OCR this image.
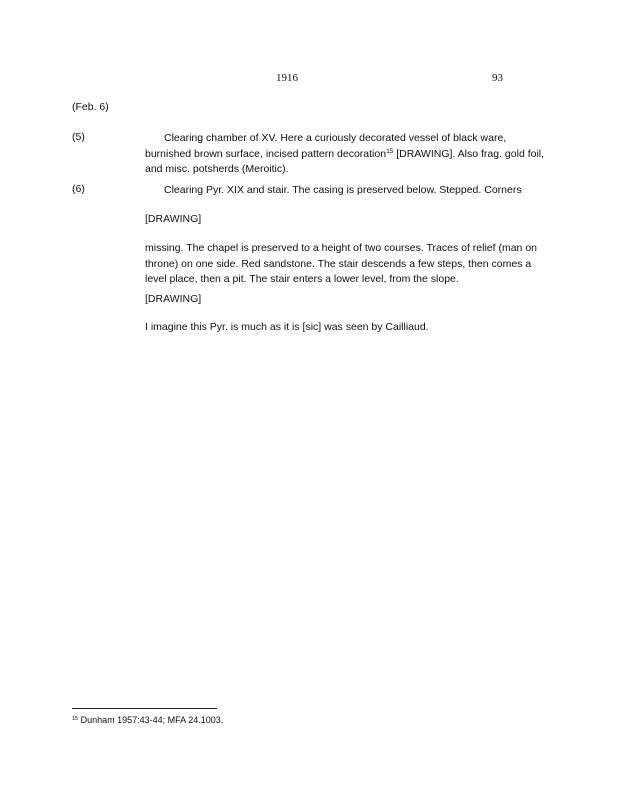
1916	93
(Feb. 6)
(5)	Clearing chamber of XV. Here a curiously decorated vessel of black ware, burnished brown surface, incised pattern decoration$^{15}$ [DRAWING]. Also frag. gold foil, and misc. potsherds (Meroitic).
(6)	Clearing Pyr. XIX and stair. The casing is preserved below. Stepped. Corners
[DRAWING]
missing. The chapel is preserved to a height of two courses. Traces of relief (man on throne) on one side. Red sandstone. The stair descends a few steps, then comes a level place, then a pit. The stair enters a lower level, from the slope.
[DRAWING]
I imagine this Pyr. is much as it is [sic] was seen by Cailliaud.
$^{15}$ Dunham 1957:43-44; MFA 24.1003.
